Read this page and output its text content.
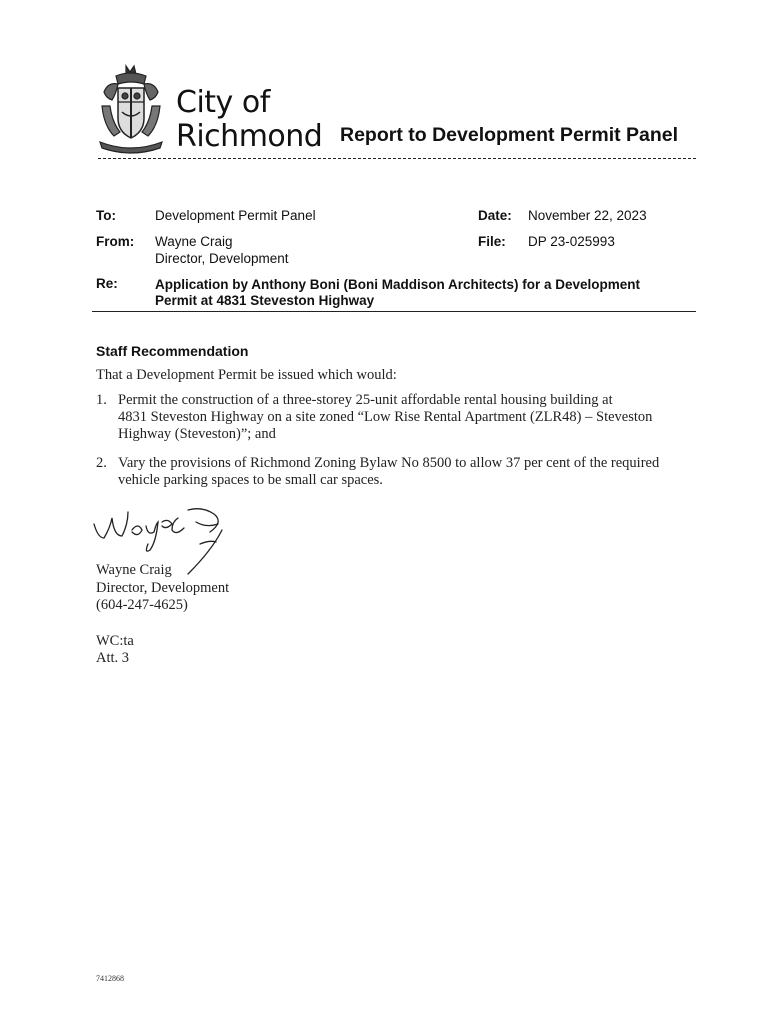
City of
Richmond Report to Development Permit Panel
To:	Development Permit Panel	Date: November 22, 2023
From: Wayne Craig
Director, Development
File: DP 23-025993
Re:	Application by Anthony Boni (Boni Maddison Architects) for a Development
Permit at 4831 Steveston Highway
Staff Recommendation
That a Development Permit be issued which would:
1. Permit the construction of a three-storey 25-unit affordable rental housing building at
4831 Steveston Highway on a site zoned “Low Rise Rental Apartment (ZLR48) – Steveston
Highway (Steveston)”; and
2. Vary the provisions of Richmond Zoning Bylaw No 8500 to allow 37 per cent of the required
vehicle parking spaces to be small car spaces.
Wayne Craig
Director, Development
(604-247-4625)
WC:ta
Att. 3
7412868
